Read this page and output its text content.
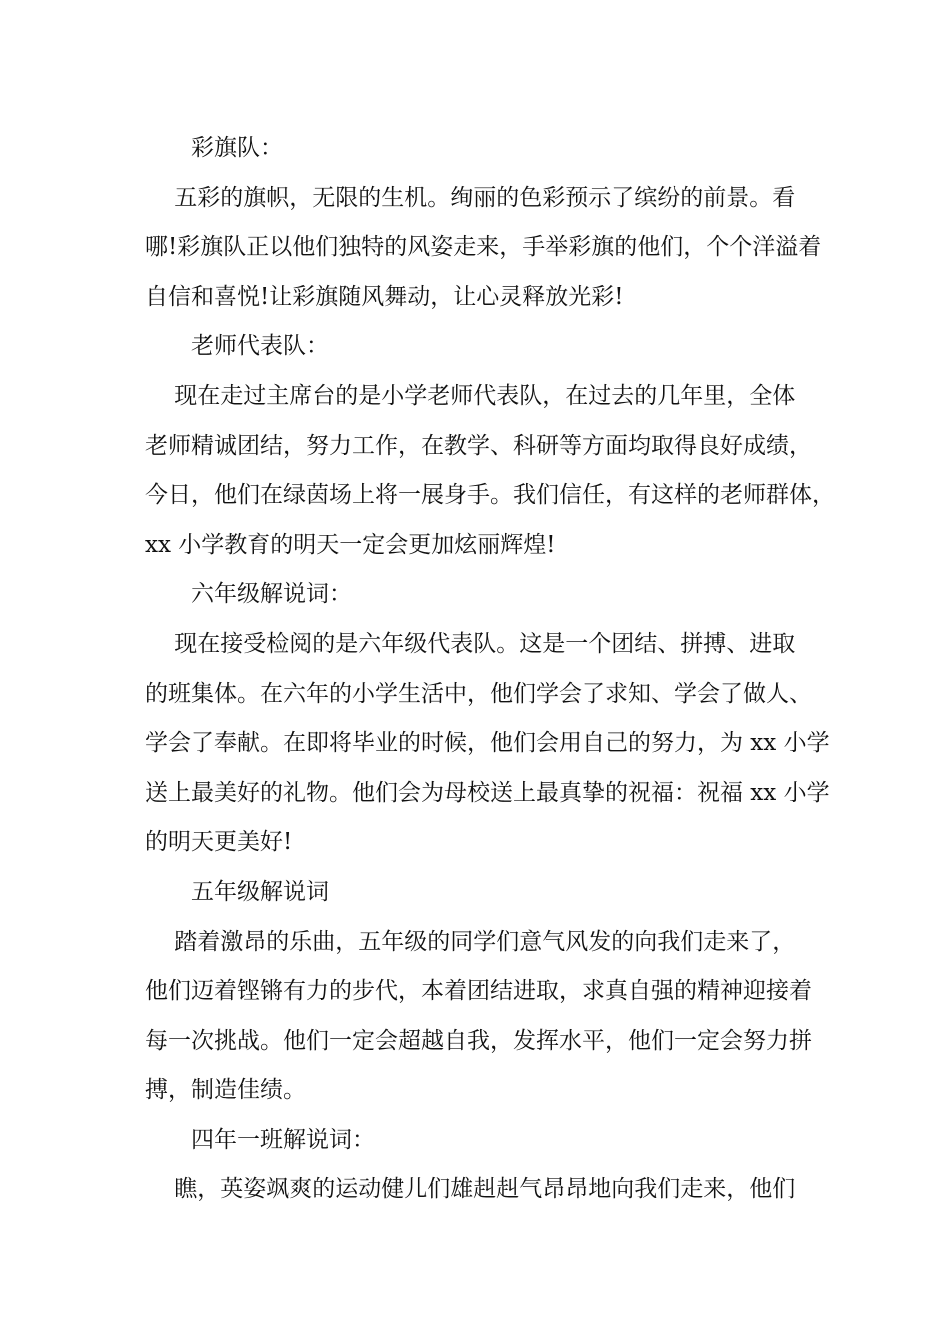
彩旗队：

五彩的旗帜，无限的生机。绚丽的色彩预示了缤纷的前景。看

哪!彩旗队正以他们独特的风姿走来，手举彩旗的他们，个个洋溢着

自信和喜悦!让彩旗随风舞动，让心灵释放光彩!

老师代表队：

现在走过主席台的是小学老师代表队，在过去的几年里，全体

老师精诚团结，努力工作，在教学、科研等方面均取得良好成绩，

今日，他们在绿茵场上将一展身手。我们信任，有这样的老师群体，

xx 小学教育的明天一定会更加炫丽辉煌!

六年级解说词：

现在接受检阅的是六年级代表队。这是一个团结、拼搏、进取

的班集体。在六年的小学生活中，他们学会了求知、学会了做人、

学会了奉献。在即将毕业的时候，他们会用自己的努力，为 xx 小学

送上最美好的礼物。他们会为母校送上最真挚的祝福：祝福 xx 小学

的明天更美好!

五年级解说词

踏着激昂的乐曲，五年级的同学们意气风发的向我们走来了，

他们迈着铿锵有力的步代，本着团结进取，求真自强的精神迎接着

每一次挑战。他们一定会超越自我，发挥水平，他们一定会努力拼

搏，制造佳绩。

四年一班解说词：

瞧，英姿飒爽的运动健儿们雄赳赳气昂昂地向我们走来，他们
